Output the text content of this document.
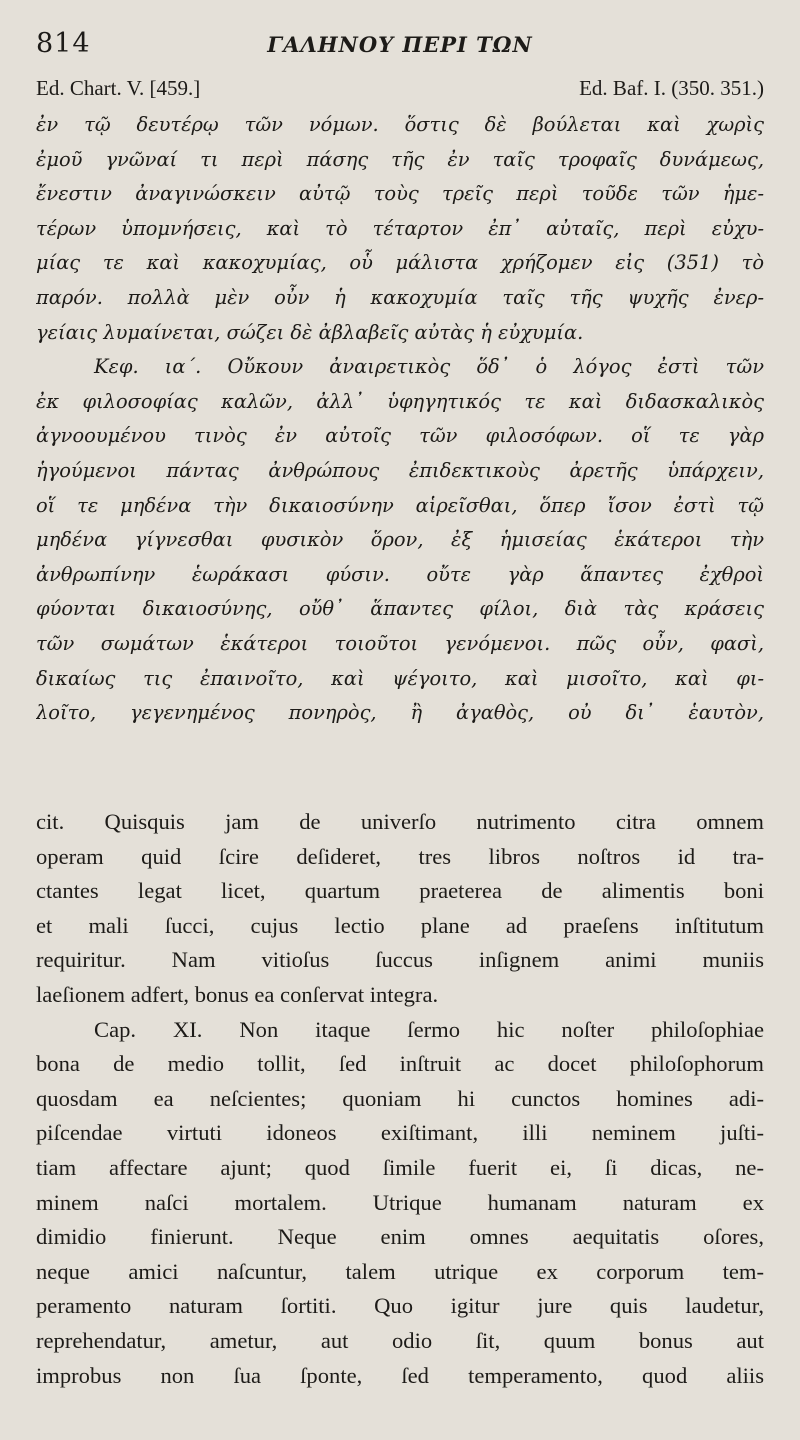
814	ΓΑΛΗΝΟΥ ΠΕΡΙ ΤΩΝ
Ed. Chart. V. [459.]	Ed. Baf. I. (350. 351.)
ἐν τῷ δευτέρῳ τῶν νόμων. ὅστις δὲ βούλεται καὶ χωρὶς
ἐμοῦ γνῶναί τι περὶ πάσης τῆς ἐν ταῖς τροφαῖς δυνάμεως,
ἔνεστιν ἀναγινώσκειν αὐτῷ τοὺς τρεῖς περὶ τοῦδε τῶν ἡμε-
τέρων ὑπομνήσεις, καὶ τὸ τέταρτον ἐπ᾽ αὐταῖς, περὶ εὐχυ-
μίας τε καὶ κακοχυμίας, οὗ μάλιστα χρήζομεν εἰς (351) τὸ
παρόν. πολλὰ μὲν οὖν ἡ κακοχυμία ταῖς τῆς ψυχῆς ἐνερ-
γείαις λυμαίνεται, σώζει δὲ ἀβλαβεῖς αὐτὰς ἡ εὐχυμία.
Κεφ. ια΄. Οὔκουν ἀναιρετικὸς ὅδ᾽ ὁ λόγος ἐστὶ τῶν
ἐκ φιλοσοφίας καλῶν, ἀλλ᾽ ὑφηγητικός τε καὶ διδασκαλικὸς
ἀγνοουμένου τινὸς ἐν αὐτοῖς τῶν φιλοσόφων. οἵ τε γὰρ
ἡγούμενοι πάντας ἀνθρώπους ἐπιδεκτικοὺς ἀρετῆς ὑπάρχειν,
οἵ τε μηδένα τὴν δικαιοσύνην αἱρεῖσθαι, ὅπερ ἴσον ἐστὶ τῷ
μηδένα γίγνεσθαι φυσικὸν ὅρον, ἐξ ἡμισείας ἑκάτεροι τὴν
ἀνθρωπίνην ἑωράκασι φύσιν. οὔτε γὰρ ἅπαντες ἐχθροὶ
φύονται δικαιοσύνης, οὔθ᾽ ἅπαντες φίλοι, διὰ τὰς κράσεις
τῶν σωμάτων ἑκάτεροι τοιοῦτοι γενόμενοι. πῶς οὖν, φασὶ,
δικαίως τις ἐπαινοῖτο, καὶ ψέγοιτο, καὶ μισοῖτο, καὶ φι-
λοῖτο, γεγενημένος πονηρὸς, ἢ ἀγαθὸς, οὐ δι᾽ ἑαυτὸν,
cit. Quisquis jam de univerſo nutrimento citra omnem
operam quid ſcire deſideret, tres libros noſtros id tra-
ctantes legat licet, quartum praeterea de alimentis boni
et mali ſucci, cujus lectio plane ad praeſens inſtitutum
requiritur. Nam vitioſus ſuccus inſignem animi muniis
laeſionem adfert, bonus ea conſervat integra.
Cap. XI. Non itaque ſermo hic noſter philoſophiae
bona de medio tollit, ſed inſtruit ac docet philoſophorum
quosdam ea neſcientes; quoniam hi cunctos homines adi-
piſcendae virtuti idoneos exiſtimant, illi neminem juſti-
tiam affectare ajunt; quod ſimile fuerit ei, ſi dicas, ne-
minem naſci mortalem. Utrique humanam naturam ex
dimidio finierunt. Neque enim omnes aequitatis oſores,
neque amici naſcuntur, talem utrique ex corporum tem-
peramento naturam ſortiti. Quo igitur jure quis laudetur,
reprehendatur, ametur, aut odio ſit, quum bonus aut
improbus non ſua ſponte, ſed temperamento, quod aliis
